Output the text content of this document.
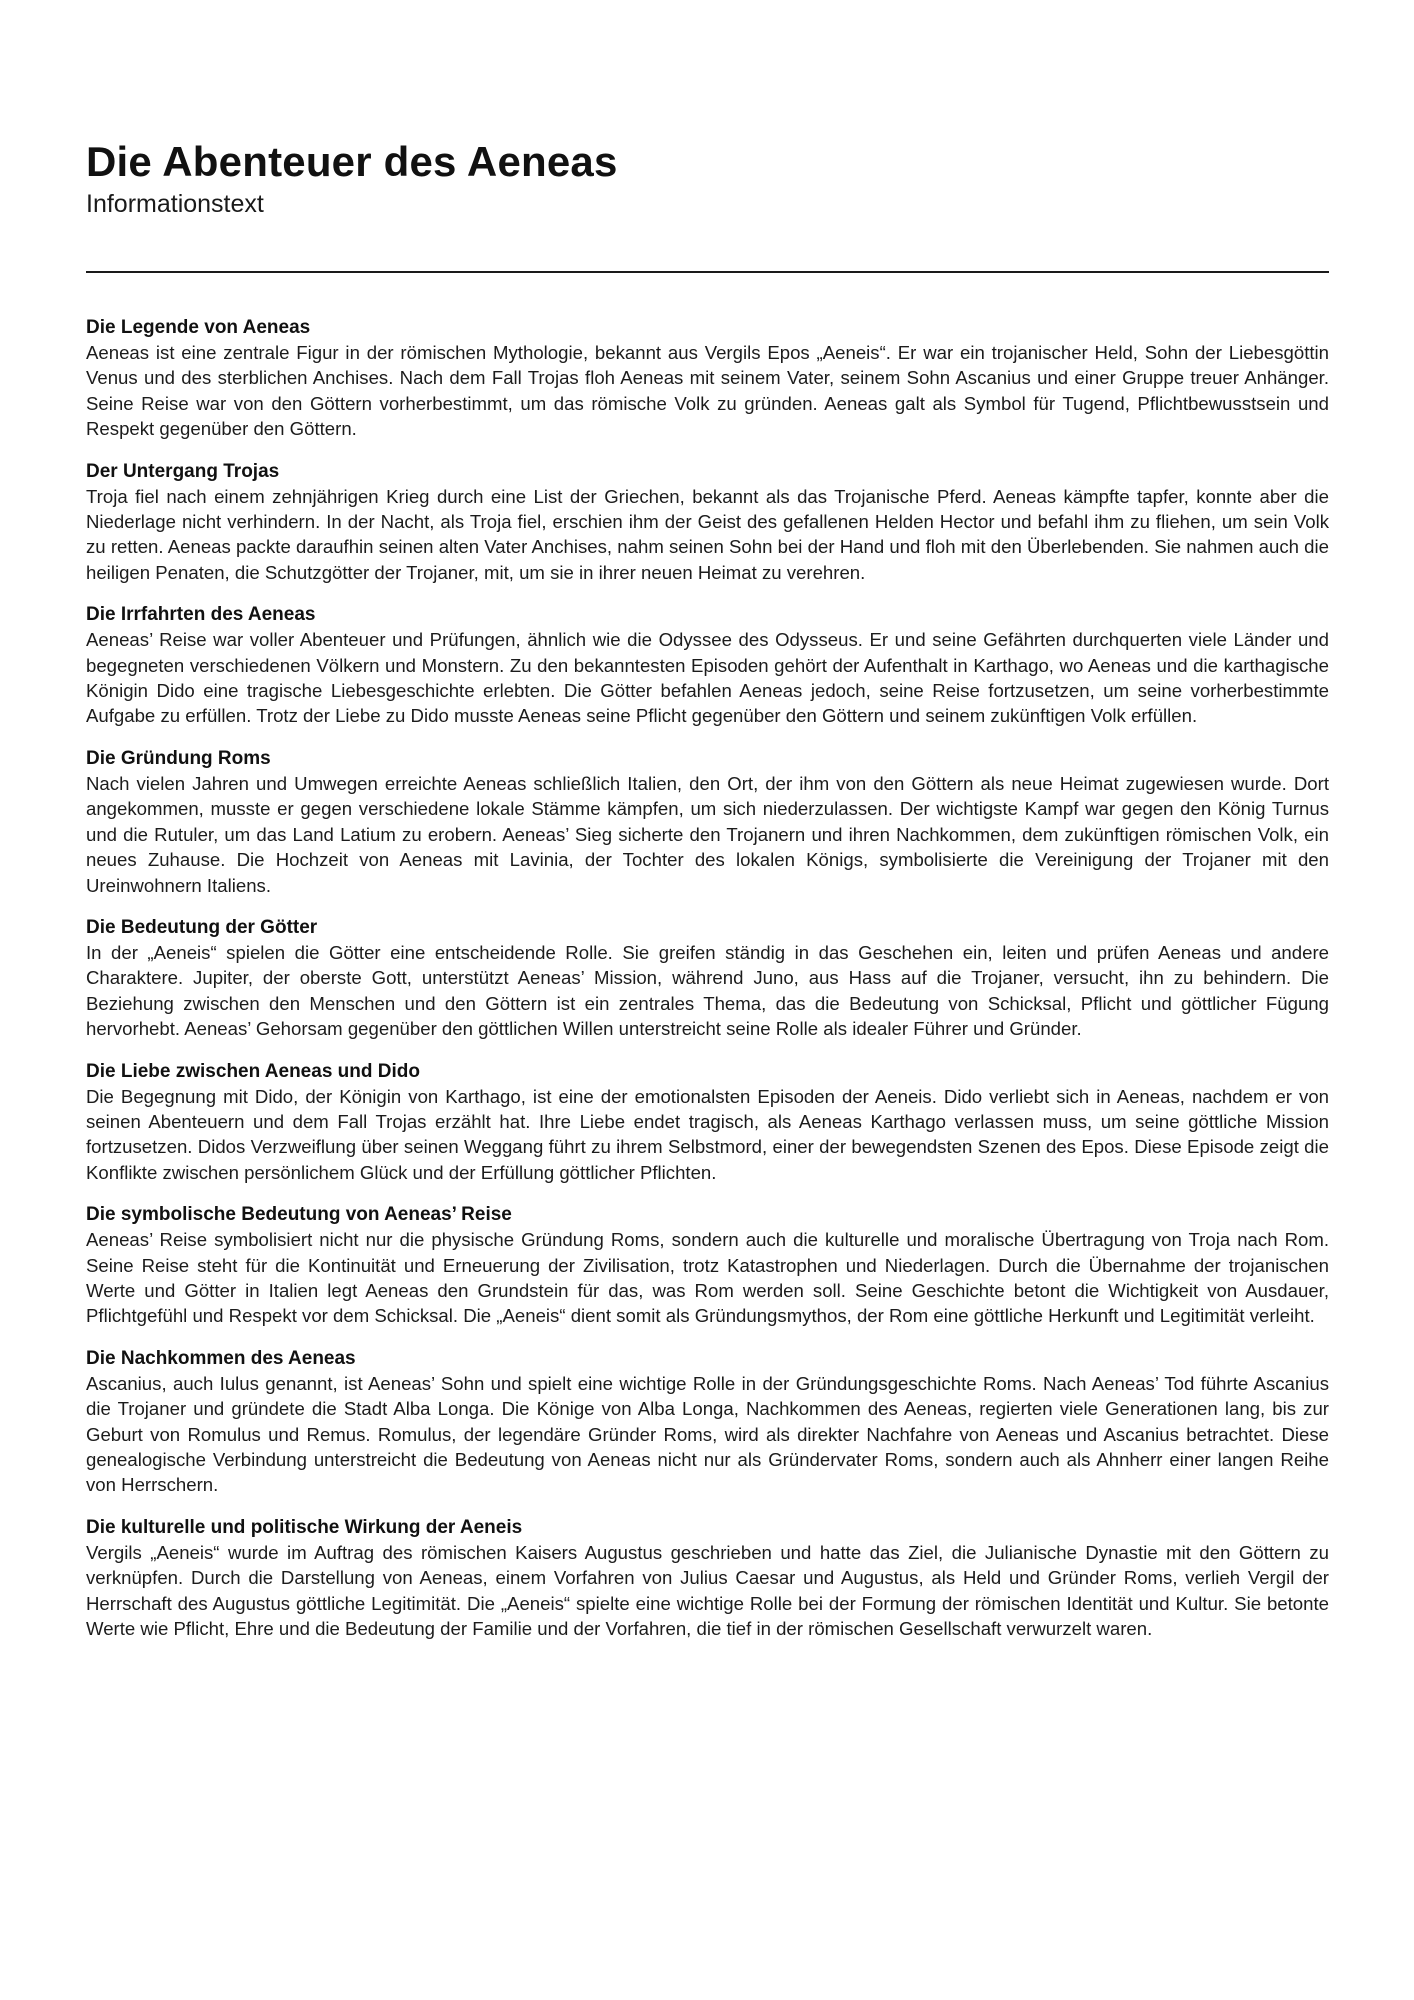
Die Abenteuer des Aeneas
Informationstext

Die Legende von Aeneas

Aeneas ist eine zentrale Figur in der römischen Mythologie, bekannt aus Vergils Epos „Aeneis“. Er war ein trojanischer Held, Sohn der Liebesgöttin Venus und des sterblichen Anchises. Nach dem Fall Trojas floh Aeneas mit seinem Vater, seinem Sohn Ascanius und einer Gruppe treuer Anhänger. Seine Reise war von den Göttern vorherbestimmt, um das römische Volk zu gründen. Aeneas galt als Symbol für Tugend, Pflichtbewusstsein und Respekt gegenüber den Göttern.

Der Untergang Trojas

Troja fiel nach einem zehnjährigen Krieg durch eine List der Griechen, bekannt als das Trojanische Pferd. Aeneas kämpfte tapfer, konnte aber die Niederlage nicht verhindern. In der Nacht, als Troja fiel, erschien ihm der Geist des gefallenen Helden Hector und befahl ihm zu fliehen, um sein Volk zu retten. Aeneas packte daraufhin seinen alten Vater Anchises, nahm seinen Sohn bei der Hand und floh mit den Überlebenden. Sie nahmen auch die heiligen Penaten, die Schutzgötter der Trojaner, mit, um sie in ihrer neuen Heimat zu verehren.

Die Irrfahrten des Aeneas

Aeneas’ Reise war voller Abenteuer und Prüfungen, ähnlich wie die Odyssee des Odysseus. Er und seine Gefährten durchquerten viele Länder und begegneten verschiedenen Völkern und Monstern. Zu den bekanntesten Episoden gehört der Aufenthalt in Karthago, wo Aeneas und die karthagische Königin Dido eine tragische Liebesgeschichte erlebten. Die Götter befahlen Aeneas jedoch, seine Reise fortzusetzen, um seine vorherbestimmte Aufgabe zu erfüllen. Trotz der Liebe zu Dido musste Aeneas seine Pflicht gegenüber den Göttern und seinem zukünftigen Volk erfüllen.

Die Gründung Roms

Nach vielen Jahren und Umwegen erreichte Aeneas schließlich Italien, den Ort, der ihm von den Göttern als neue Heimat zugewiesen wurde. Dort angekommen, musste er gegen verschiedene lokale Stämme kämpfen, um sich niederzulassen. Der wichtigste Kampf war gegen den König Turnus und die Rutuler, um das Land Latium zu erobern. Aeneas’ Sieg sicherte den Trojanern und ihren Nachkommen, dem zukünftigen römischen Volk, ein neues Zuhause. Die Hochzeit von Aeneas mit Lavinia, der Tochter des lokalen Königs, symbolisierte die Vereinigung der Trojaner mit den Ureinwohnern Italiens.

Die Bedeutung der Götter

In der „Aeneis“ spielen die Götter eine entscheidende Rolle. Sie greifen ständig in das Geschehen ein, leiten und prüfen Aeneas und andere Charaktere. Jupiter, der oberste Gott, unterstützt Aeneas’ Mission, während Juno, aus Hass auf die Trojaner, versucht, ihn zu behindern. Die Beziehung zwischen den Menschen und den Göttern ist ein zentrales Thema, das die Bedeutung von Schicksal, Pflicht und göttlicher Fügung hervorhebt. Aeneas’ Gehorsam gegenüber den göttlichen Willen unterstreicht seine Rolle als idealer Führer und Gründer.

Die Liebe zwischen Aeneas und Dido

Die Begegnung mit Dido, der Königin von Karthago, ist eine der emotionalsten Episoden der Aeneis. Dido verliebt sich in Aeneas, nachdem er von seinen Abenteuern und dem Fall Trojas erzählt hat. Ihre Liebe endet tragisch, als Aeneas Karthago verlassen muss, um seine göttliche Mission fortzusetzen. Didos Verzweiflung über seinen Weggang führt zu ihrem Selbstmord, einer der bewegendsten Szenen des Epos. Diese Episode zeigt die Konflikte zwischen persönlichem Glück und der Erfüllung göttlicher Pflichten.

Die symbolische Bedeutung von Aeneas’ Reise

Aeneas’ Reise symbolisiert nicht nur die physische Gründung Roms, sondern auch die kulturelle und moralische Übertragung von Troja nach Rom. Seine Reise steht für die Kontinuität und Erneuerung der Zivilisation, trotz Katastrophen und Niederlagen. Durch die Übernahme der trojanischen Werte und Götter in Italien legt Aeneas den Grundstein für das, was Rom werden soll. Seine Geschichte betont die Wichtigkeit von Ausdauer, Pflichtgefühl und Respekt vor dem Schicksal. Die „Aeneis“ dient somit als Gründungsmythos, der Rom eine göttliche Herkunft und Legitimität verleiht.

Die Nachkommen des Aeneas

Ascanius, auch Iulus genannt, ist Aeneas’ Sohn und spielt eine wichtige Rolle in der Gründungsgeschichte Roms. Nach Aeneas’ Tod führte Ascanius die Trojaner und gründete die Stadt Alba Longa. Die Könige von Alba Longa, Nachkommen des Aeneas, regierten viele Generationen lang, bis zur Geburt von Romulus und Remus. Romulus, der legendäre Gründer Roms, wird als direkter Nachfahre von Aeneas und Ascanius betrachtet. Diese genealogische Verbindung unterstreicht die Bedeutung von Aeneas nicht nur als Gründervater Roms, sondern auch als Ahnherr einer langen Reihe von Herrschern.

Die kulturelle und politische Wirkung der Aeneis

Vergils „Aeneis“ wurde im Auftrag des römischen Kaisers Augustus geschrieben und hatte das Ziel, die Julianische Dynastie mit den Göttern zu verknüpfen. Durch die Darstellung von Aeneas, einem Vorfahren von Julius Caesar und Augustus, als Held und Gründer Roms, verlieh Vergil der Herrschaft des Augustus göttliche Legitimität. Die „Aeneis“ spielte eine wichtige Rolle bei der Formung der römischen Identität und Kultur. Sie betonte Werte wie Pflicht, Ehre und die Bedeutung der Familie und der Vorfahren, die tief in der römischen Gesellschaft verwurzelt waren.
